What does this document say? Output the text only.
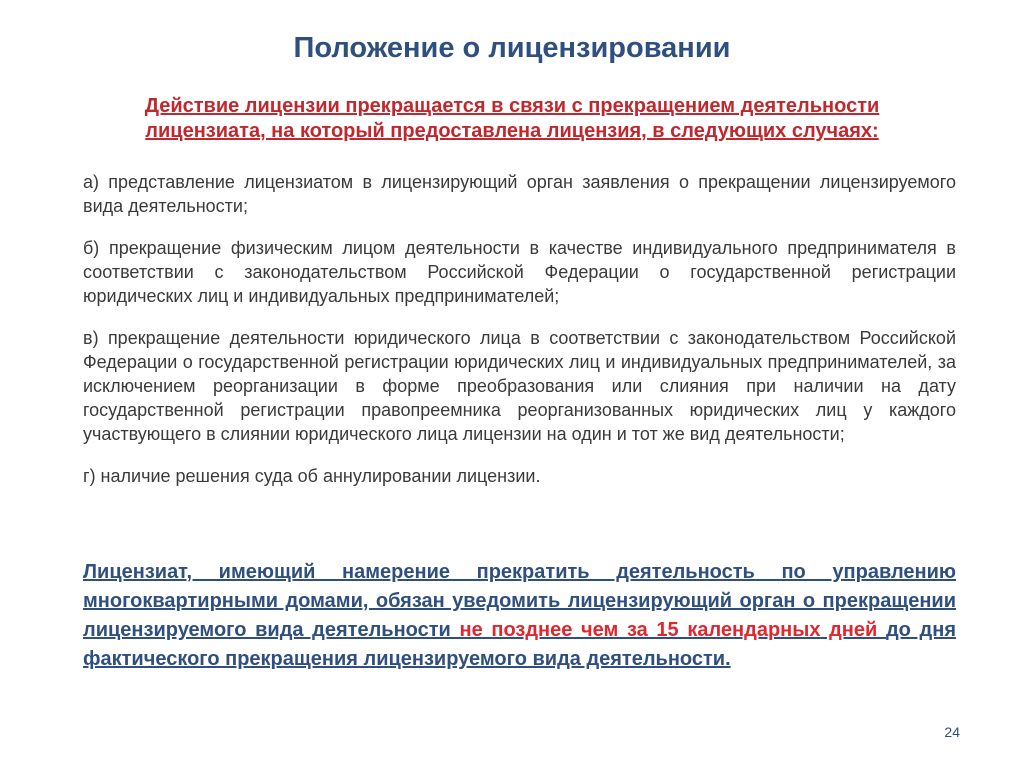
Положение о лицензировании
Действие лицензии прекращается в связи с прекращением деятельности лицензиата, на который предоставлена лицензия, в следующих случаях:

а) представление лицензиатом в лицензирующий орган заявления о прекращении лицензируемого вида деятельности;

б) прекращение физическим лицом деятельности в качестве индивидуального предпринимателя в соответствии с законодательством Российской Федерации о государственной регистрации юридических лиц и индивидуальных предпринимателей;

в) прекращение деятельности юридического лица в соответствии с законодательством Российской Федерации о государственной регистрации юридических лиц и индивидуальных предпринимателей, за исключением реорганизации в форме преобразования или слияния при наличии на дату государственной регистрации правопреемника реорганизованных юридических лиц у каждого участвующего в слиянии юридического лица лицензии на один и тот же вид деятельности;

г) наличие решения суда об аннулировании лицензии.

Лицензиат, имеющий намерение прекратить деятельность по управлению многоквартирными домами, обязан уведомить лицензирующий орган о прекращении лицензируемого вида деятельности не позднее чем за 15 календарных дней до дня фактического прекращения лицензируемого вида деятельности.
24
